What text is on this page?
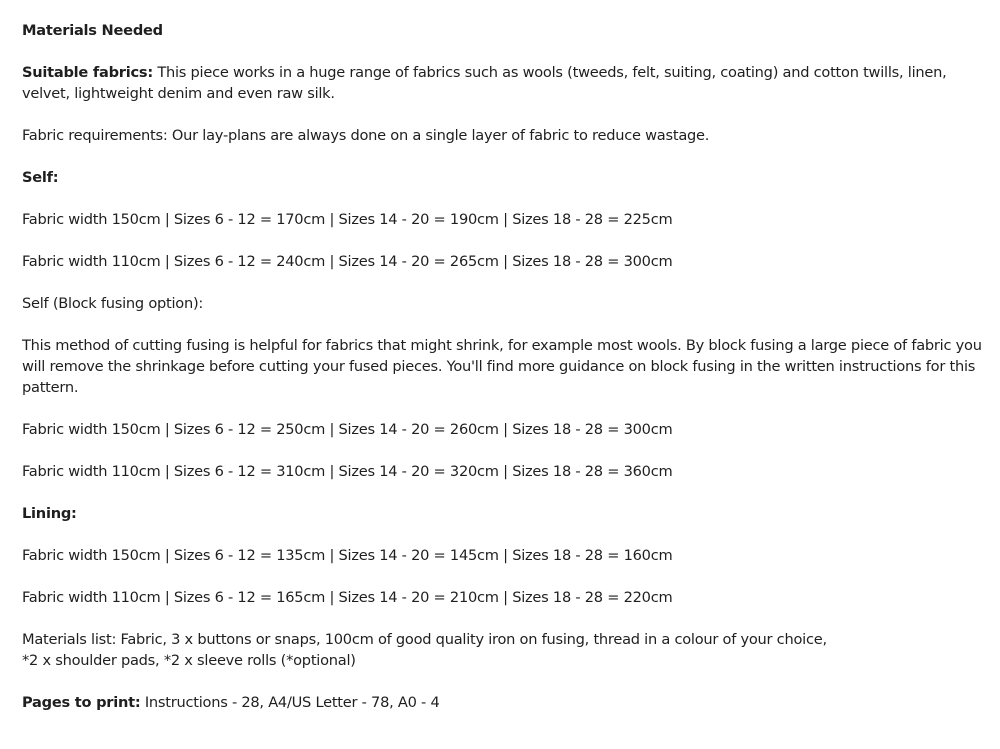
Materials Needed

Suitable fabrics: This piece works in a huge range of fabrics such as wools (tweeds, felt, suiting, coating) and cotton twills, linen, velvet, lightweight denim and even raw silk.

Fabric requirements: Our lay-plans are always done on a single layer of fabric to reduce wastage.

Self:

Fabric width 150cm | Sizes 6 - 12 = 170cm | Sizes 14 - 20 = 190cm | Sizes 18 - 28 = 225cm

Fabric width 110cm | Sizes 6 - 12 = 240cm | Sizes 14 - 20 = 265cm | Sizes 18 - 28 = 300cm

Self (Block fusing option):

This method of cutting fusing is helpful for fabrics that might shrink, for example most wools. By block fusing a large piece of fabric you will remove the shrinkage before cutting your fused pieces. You'll find more guidance on block fusing in the written instructions for this pattern.

Fabric width 150cm | Sizes 6 - 12 = 250cm | Sizes 14 - 20 = 260cm | Sizes 18 - 28 = 300cm

Fabric width 110cm | Sizes 6 - 12 = 310cm | Sizes 14 - 20 = 320cm | Sizes 18 - 28 = 360cm

Lining:

Fabric width 150cm | Sizes 6 - 12 = 135cm | Sizes 14 - 20 = 145cm | Sizes 18 - 28 = 160cm

Fabric width 110cm | Sizes 6 - 12 = 165cm | Sizes 14 - 20 = 210cm | Sizes 18 - 28 = 220cm

Materials list: Fabric, 3 x buttons or snaps, 100cm of good quality iron on fusing, thread in a colour of your choice,
*2 x shoulder pads, *2 x sleeve rolls (*optional)

Pages to print: Instructions - 28, A4/US Letter - 78, A0 - 4
